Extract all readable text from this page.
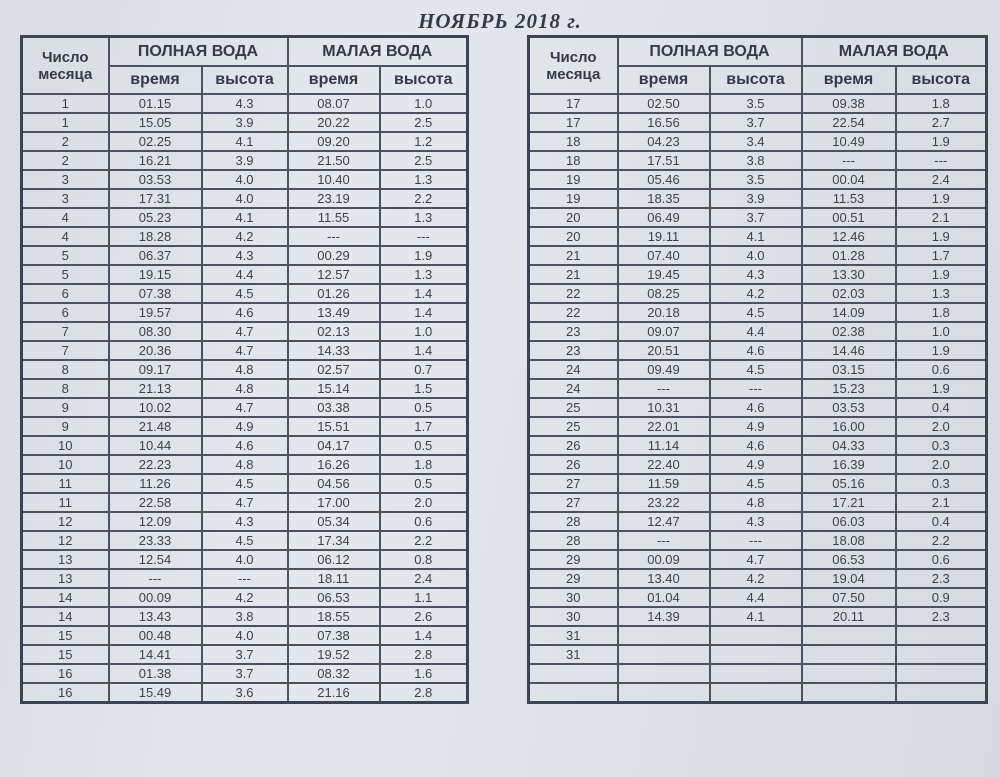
НОЯБРЬ 2018 г.
Число месяца	ПОЛНАЯ ВОДА		МАЛАЯ ВОДА	
	время	высота	время	высота
1	01.15	4.3	08.07	1.0
1	15.05	3.9	20.22	2.5
2	02.25	4.1	09.20	1.2
2	16.21	3.9	21.50	2.5
3	03.53	4.0	10.40	1.3
3	17.31	4.0	23.19	2.2
4	05.23	4.1	11.55	1.3
4	18.28	4.2	---	---
5	06.37	4.3	00.29	1.9
5	19.15	4.4	12.57	1.3
6	07.38	4.5	01.26	1.4
6	19.57	4.6	13.49	1.4
7	08.30	4.7	02.13	1.0
7	20.36	4.7	14.33	1.4
8	09.17	4.8	02.57	0.7
8	21.13	4.8	15.14	1.5
9	10.02	4.7	03.38	0.5
9	21.48	4.9	15.51	1.7
10	10.44	4.6	04.17	0.5
10	22.23	4.8	16.26	1.8
11	11.26	4.5	04.56	0.5
11	22.58	4.7	17.00	2.0
12	12.09	4.3	05.34	0.6
12	23.33	4.5	17.34	2.2
13	12.54	4.0	06.12	0.8
13	---	---	18.11	2.4
14	00.09	4.2	06.53	1.1
14	13.43	3.8	18.55	2.6
15	00.48	4.0	07.38	1.4
15	14.41	3.7	19.52	2.8
16	01.38	3.7	08.32	1.6
16	15.49	3.6	21.16	2.8
Число месяца	ПОЛНАЯ ВОДА		МАЛАЯ ВОДА	
	время	высота	время	высота
17	02.50	3.5	09.38	1.8
17	16.56	3.7	22.54	2.7
18	04.23	3.4	10.49	1.9
18	17.51	3.8	---	---
19	05.46	3.5	00.04	2.4
19	18.35	3.9	11.53	1.9
20	06.49	3.7	00.51	2.1
20	19.11	4.1	12.46	1.9
21	07.40	4.0	01.28	1.7
21	19.45	4.3	13.30	1.9
22	08.25	4.2	02.03	1.3
22	20.18	4.5	14.09	1.8
23	09.07	4.4	02.38	1.0
23	20.51	4.6	14.46	1.9
24	09.49	4.5	03.15	0.6
24	---	---	15.23	1.9
25	10.31	4.6	03.53	0.4
25	22.01	4.9	16.00	2.0
26	11.14	4.6	04.33	0.3
26	22.40	4.9	16.39	2.0
27	11.59	4.5	05.16	0.3
27	23.22	4.8	17.21	2.1
28	12.47	4.3	06.03	0.4
28	---	---	18.08	2.2
29	00.09	4.7	06.53	0.6
29	13.40	4.2	19.04	2.3
30	01.04	4.4	07.50	0.9
30	14.39	4.1	20.11	2.3
31				
31				
